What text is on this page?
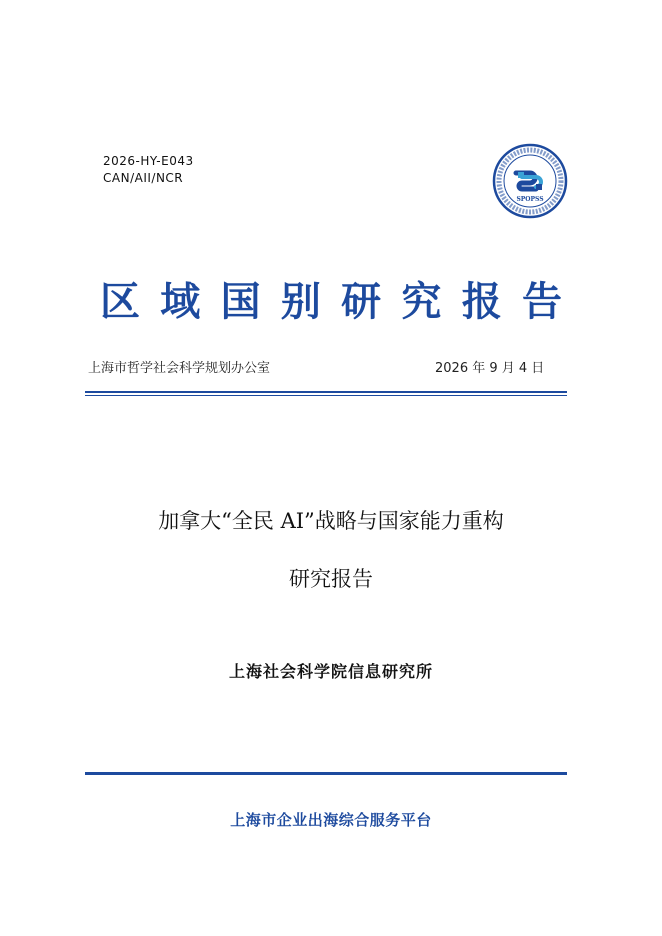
2026-HY-E043
CAN/AII/NCR
SPOPSS
区 域 国 别 研 究 报 告
上海市哲学社会科学规划办公室	2026 年 9 月 4 日
加拿大“全民 AI”战略与国家能力重构
研究报告
上海社会科学院信息研究所
上海市企业出海综合服务平台
